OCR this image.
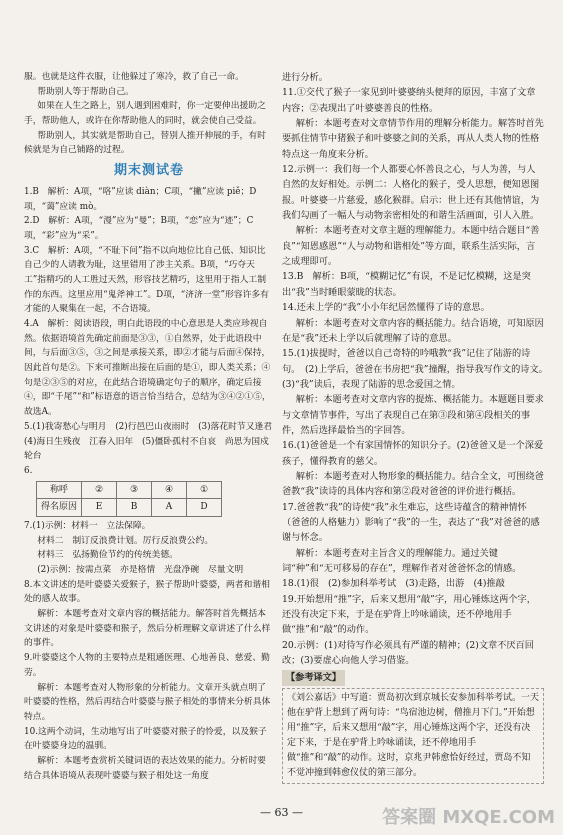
服。也就是这件衣服，让他躲过了寒冷，救了自己一命。

帮助别人等于帮助自己。

如果在人生之路上，别人遇到困难时，你一定要伸出援助之手，帮助他人，或许在你帮助他人的同时，就会使自己受益。

帮助别人，其实就是帮助自己，替别人推开伸展的手，有时候就是为自己铺路的过程。

期末测试卷

1.B　解析：A项，“咯”应读 diàn；C项，“撇”应读 piě；D项，“蔼”应读 mò。

2.D　解析：A项，“漫”应为“曼”；B项，“恋”应为“迹”；C项，“彩”应为“采”。

3.C　解析：A项，“不耻下问”指不以向地位比自己低、知识比自己少的人请教为耻，这里错用了涉主关系。B项，“巧夺天工”指精巧的人工胜过天然，形容技艺精巧，这里用于指人工制作的东西。这里应用“鬼斧神工”。D项，“济济一堂”形容许多有才能的人聚集在一起，不合语境。

4.A　解析：阅读语段，明白此语段的中心意思是人类应珍视自然。依据语境首先确定前面是③③，①自然界，处于此语段中间，与后面③⑤，③之间是承接关系，即②才能与后面④保持，因此首句是②。下来可推断出接在后面的是①，即人类关系；④句是②③⑤的对应，在此结合语境确定句子的顺序，确定后接④，即“千尾”“和”标语意的语言恰当结合，总结为③④②①⑤，故选A。

5.(1)我寄愁心与明月　(2)行邑巴山夜雨时　(3)落花时节又逢君　(4)海日生残夜　江春入旧年　(5)僵卧孤村不自哀　尚思为国戍轮台

6.

称呼	②	③	④	①
得名原因	E	B	A	D

7.(1)示例：材料一　立法保障。

材料二　制订反浪费计划。厉行反浪费公约。

材料三　弘扬勤俭节约的传统美德。

(2)示例：按需点菜　亦是格情　光盘净碗　尽量文明

8.本文讲述的是叶婆婆关爱猴子，猴子帮助叶婆婆，两者和谐相处的感人故事。

解析：本题考查对文章内容的概括能力。解答时首先概括本文讲述的对象是叶婆婆和猴子，然后分析理解文章讲述了什么样的事件。

9.叶婆婆这个人物的主要特点是粗通医理、心地善良、慈爱、勤劳。

解析：本题考查对人物形象的分析能力。文章开头就点明了叶婆婆的性格，然后再结合叶婆婆与猴子相处的事情来分析具体特点。

10.这两个动词，生动地写出了叶婆婆对猴子的怜爱，以及猴子在叶婆婆身边的温驯。

解析：本题考查赏析关键词语的表达效果的能力。分析时要结合具体语境从表现叶婆婆与猴子相处这一角度

进行分析。

11.①交代了猴子一家见到叶婆婆纳头便拜的原因，丰富了文章内容；②表现出了叶婆婆善良的性格。

解析：本题考查对文章情节作用的理解分析能力。解答时首先要抓住情节中猪猴子和叶婆婆之间的关系，再从人类人物的性格特点这一角度来分析。

12.示例一：我们每一个人都要心怀善良之心，与人为善，与人自然的友好相处。示例二：人格化的猴子，受人思想，便知恩图报。叶婆婆一片慈爱，感化猴群。启示：世上还有其他情谊，为我们勾画了一幅人与动物亲密相处的和谐生活画面，引人入胜。

解析：本题考查对文章主题的理解能力。本题中结合题目“善良”“知恩感恩”“人与动物和谐相处”等方面，联系生活实际，言之成理即可。

13.B　解析：B项，“模糊记忆”有误，不是记忆模糊，这是突出“我”当时睡眼蒙眬的状态。

14.还未上学的“我”小小年纪居然懂得了诗的意思。

解析：本题考查对文章内容的概括能力。结合语境，可知原因在是“我”还未上学以后就理解了诗的意思。

15.(1)拔提时，爸爸以自己奇特的吟哦教“我”记住了陆游的诗句。　(2)上学后，爸爸在书房把“我”撞醒，指导我写作文的诗文。　(3)“我”读后，表现了陆游的思念爱国之情。

解析：本题考查对文章内容的提炼、概括能力。本题题目要求与文章情节事件，写出了表现自己在第③段和第④段相关的事件，然后选择最恰当的字回答。

16.(1)爸爸是一个有家国情怀的知识分子。(2)爸爸又是一个深爱孩子，懂得教育的慈父。

解析：本题考查对人物形象的概括能力。结合全文，可围绕爸爸教“我”读诗的具体内容和第②段对爸爸的评价进行概括。

17.爸爸教“我”的诗使“我”永生难忘，这些诗蕴含的精神情怀（爸爸的人格魅力）影响了“我”的一生，表达了“我”对爸爸的感谢与怀念。

解析：本题考查对主旨含义的理解能力。通过关键词“种”和“无可移易的存在”，理解作者对爸爸怀念的情感。

18.(1)很　(2)参加科举考试　(3)走路，出游　(4)推敲

19.开始想用“推”字，后来又想用“敲”字，用心锤炼这两个字，还没有决定下来，于是在驴背上吟咏诵读，还不停地用手做“推”和“敲”的动作。

20.示例：(1)对待写作必须具有严谨的精神；(2)文章不厌百回改；(3)要虚心向他人学习借鉴。

【参考译文】
《刘公嘉话》中写道：贾岛初次到京城长安参加科举考试。一天他在驴背上想到了两句诗：“鸟宿池边树，僧推月下门。”开始想用“推”字，后来又想用“敲”字，用心锤炼这两个字，还没有决定下来，于是在驴背上吟咏诵读，还不停地用手做“推”和“敲”的动作。这时，京兆尹韩愈恰好经过，贾岛不知不觉冲撞到韩愈仪仗的第三部分。
— 63 —	答案圈 MXQE.COM
